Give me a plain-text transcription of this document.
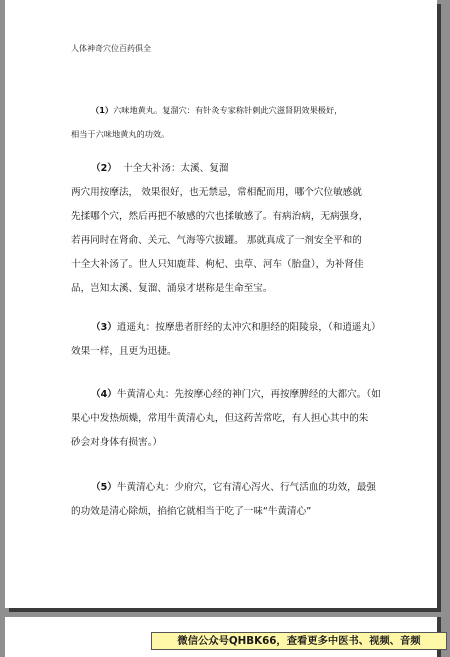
人体神奇穴位百药俱全

（1）六味地黄丸。复溜穴：有针灸专家称针刺此穴滋肾阴效果极好，
相当于六味地黄丸的功效。

（2） 十全大补汤：太溪、复溜
两穴用按摩法， 效果很好，也无禁忌，常相配而用，哪个穴位敏感就
先揉哪个穴，然后再把不敏感的穴也揉敏感了。有病治病，无病强身，
若再同时在肾俞、关元、气海等穴拔罐。 那就真成了一剂安全平和的
十全大补汤了。世人只知鹿茸、枸杞、虫草、河车（胎盘），为补肾佳
品，岂知太溪、复溜、涌泉才堪称是生命至宝。

（3）逍遥丸：按摩患者肝经的太冲穴和胆经的阳陵泉，（和逍遥丸）
效果一样，且更为迅捷。

（4）牛黄清心丸：先按摩心经的神门穴，再按摩脾经的大都穴。（如
果心中发热烦燥，常用牛黄清心丸，但这药苦常吃，有人担心其中的朱
砂会对身体有损害。）

（5）牛黄清心丸：少府穴，它有清心泻火、行气活血的功效，最强
的功效是清心除烦，掐掐它就相当于吃了一味“牛黄清心”

微信公众号QHBK66，查看更多中医书、视频、音频
